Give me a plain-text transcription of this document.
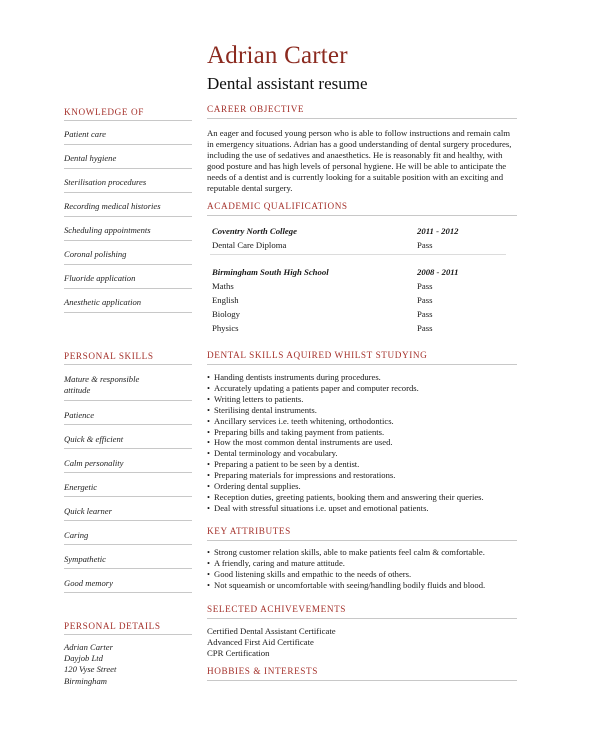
Adrian Carter
Dental assistant resume
KNOWLEDGE OF
Patient care
Dental hygiene
Sterilisation procedures
Recording medical histories
Scheduling appointments
Coronal polishing
Fluoride application
Anesthetic application
PERSONAL SKILLS
Mature & responsible attitude
Patience
Quick & efficient
Calm personality
Energetic
Quick learner
Caring
Sympathetic
Good memory
PERSONAL DETAILS
Adrian Carter
Dayjob Ltd
120 Vyse Street
Birmingham
CAREER OBJECTIVE
An eager and focused young person who is able to follow instructions and remain calm in emergency situations. Adrian has a good understanding of dental surgery procedures, including the use of sedatives and anaesthetics. He is reasonably fit and healthy, with good posture and has high levels of personal hygiene. He will be able to anticipate the needs of a dentist and is currently looking for a suitable position with an exciting and reputable dental surgery.
ACADEMIC QUALIFICATIONS
Coventry North College	2011 - 2012
Dental Care Diploma	Pass
Birmingham South High School	2008 - 2011
Maths	Pass
English	Pass
Biology	Pass
Physics	Pass
DENTAL SKILLS AQUIRED WHILST STUDYING
• Handing dentists instruments during procedures.
• Accurately updating a patients paper and computer records.
• Writing letters to patients.
• Sterilising dental instruments.
• Ancillary services i.e. teeth whitening, orthodontics.
• Preparing bills and taking payment from patients.
• How the most common dental instruments are used.
• Dental terminology and vocabulary.
• Preparing a patient to be seen by a dentist.
• Preparing materials for impressions and restorations.
• Ordering dental supplies.
• Reception duties, greeting patients, booking them and answering their queries.
• Deal with stressful situations i.e. upset and emotional patients.
KEY ATTRIBUTES
• Strong customer relation skills, able to make patients feel calm & comfortable.
• A friendly, caring and mature attitude.
• Good listening skills and empathic to the needs of others.
• Not squeamish or uncomfortable with seeing/handling bodily fluids and blood.
SELECTED ACHIVEVEMENTS
Certified Dental Assistant Certificate
Advanced First Aid Certificate
CPR Certification
HOBBIES & INTERESTS
